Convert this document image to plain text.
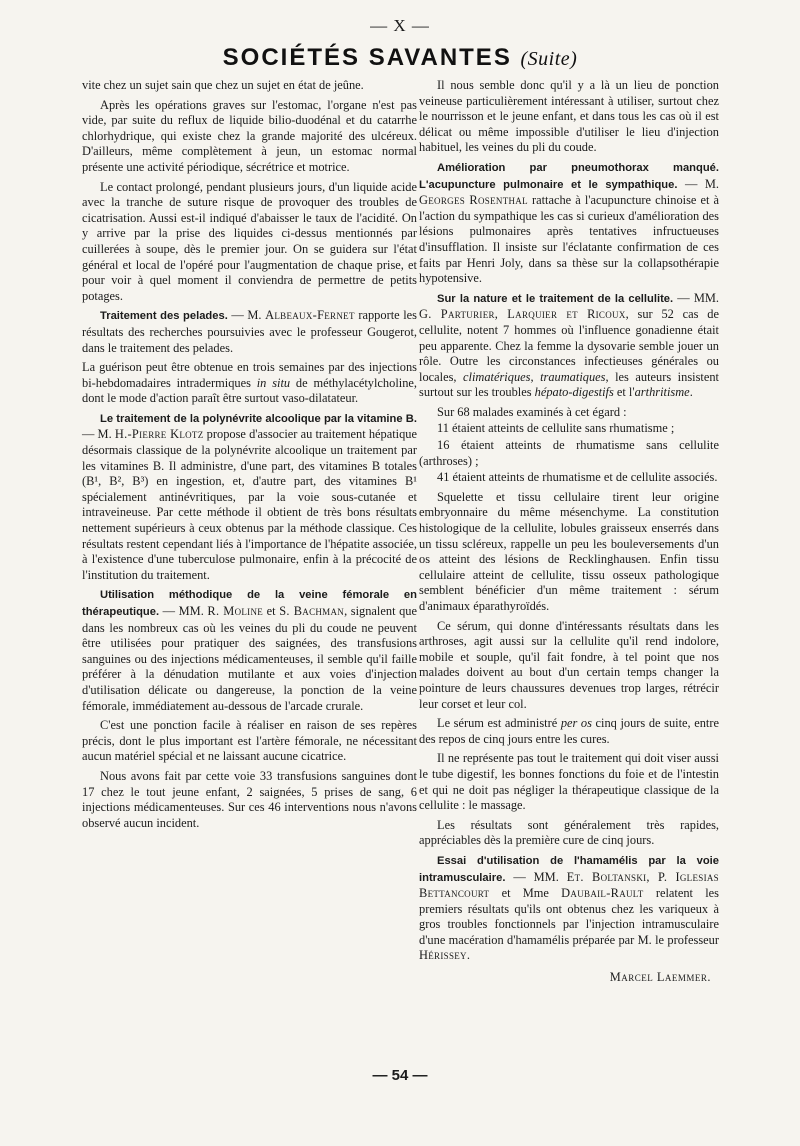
— X —
SOCIÉTÉS SAVANTES (Suite)

vite chez un sujet sain que chez un sujet en état de jeûne.

Après les opérations graves sur l'estomac, l'organe n'est pas vide, par suite du reflux de liquide bilio-duodénal et du catarrhe chlorhydrique, qui existe chez la grande majorité des ulcéreux. D'ailleurs, même complètement à jeun, un estomac normal présente une activité périodique, sécrétrice et motrice.

Le contact prolongé, pendant plusieurs jours, d'un liquide acide avec la tranche de suture risque de provoquer des troubles de cicatrisation. Aussi est-il indiqué d'abaisser le taux de l'acidité. On y arrive par la prise des liquides ci-dessus mentionnés par cuillerées à soupe, dès le premier jour. On se guidera sur l'état général et local de l'opéré pour l'augmentation de chaque prise, et pour voir à quel moment il conviendra de permettre de petits potages.

Traitement des pelades. — M. Albeaux-Fernet rapporte les résultats des recherches poursuivies avec le professeur Gougerot, dans le traitement des pelades.

La guérison peut être obtenue en trois semaines par des injections bi-hebdomadaires intradermiques in situ de méthylacétylcholine, dont le mode d'action paraît être surtout vaso-dilatateur.

Le traitement de la polynévrite alcoolique par la vitamine B. — M. H.-Pierre Klotz propose d'associer au traitement hépatique désormais classique de la polynévrite alcoolique un traitement par les vitamines B. Il administre, d'une part, des vitamines B totales (B¹, B², B³) en ingestion, et, d'autre part, des vitamines B¹ spécialement antinévritiques, par la voie sous-cutanée et intraveineuse. Par cette méthode il obtient de très bons résultats nettement supérieurs à ceux obtenus par la méthode classique. Ces résultats restent cependant liés à l'importance de l'hépatite associée, à l'existence d'une tuberculose pulmonaire, enfin à la précocité de l'institution du traitement.

Utilisation méthodique de la veine fémorale en thérapeutique. — MM. R. Moline et S. Bachman, signalent que dans les nombreux cas où les veines du pli du coude ne peuvent être utilisées pour pratiquer des saignées, des transfusions sanguines ou des injections médicamenteuses, il semble qu'il faille préférer à la dénudation mutilante et aux voies d'injection d'utilisation délicate ou dangereuse, la ponction de la veine fémorale, immédiatement au-dessous de l'arcade crurale.

C'est une ponction facile à réaliser en raison de ses repères précis, dont le plus important est l'artère fémorale, ne nécessitant aucun matériel spécial et ne laissant aucune cicatrice.

Nous avons fait par cette voie 33 transfusions sanguines dont 17 chez le tout jeune enfant, 2 saignées, 5 prises de sang, 6 injections médicamenteuses. Sur ces 46 interventions nous n'avons observé aucun incident.

Il nous semble donc qu'il y a là un lieu de ponction veineuse particulièrement intéressant à utiliser, surtout chez le nourrisson et le jeune enfant, et dans tous les cas où il est délicat ou même impossible d'utiliser le lieu d'injection habituel, les veines du pli du coude.

Amélioration par pneumothorax manqué. L'acupuncture pulmonaire et le sympathique. — M. Georges Rosenthal rattache à l'acupuncture chinoise et à l'action du sympathique les cas si curieux d'amélioration des lésions pulmonaires après tentatives infructueuses d'insufflation. Il insiste sur l'éclatante confirmation de ces faits par Henri Joly, dans sa thèse sur la collapsothérapie hypotensive.

Sur la nature et le traitement de la cellulite. — MM. G. Parturier, Larquier et Ricoux, sur 52 cas de cellulite, notent 7 hommes où l'influence gonadienne était peu apparente. Chez la femme la dysovarie semble jouer un rôle. Outre les circonstances infectieuses générales ou locales, climatériques, traumatiques, les auteurs insistent surtout sur les troubles hépato-digestifs et l'arthritisme.

Sur 68 malades examinés à cet égard :

11 étaient atteints de cellulite sans rhumatisme ;

16 étaient atteints de rhumatisme sans cellulite (arthroses) ;

41 étaient atteints de rhumatisme et de cellulite associés.

Squelette et tissu cellulaire tirent leur origine embryonnaire du même mésenchyme. La constitution histologique de la cellulite, lobules graisseux enserrés dans un tissu scléreux, rappelle un peu les bouleversements d'un os atteint des lésions de Recklinghausen. Enfin tissu cellulaire atteint de cellulite, tissu osseux pathologique semblent bénéficier d'un même traitement : sérum d'animaux éparathyroïdés.

Ce sérum, qui donne d'intéressants résultats dans les arthroses, agit aussi sur la cellulite qu'il rend indolore, mobile et souple, qu'il fait fondre, à tel point que nos malades doivent au bout d'un certain temps changer la pointure de leurs chaussures devenues trop larges, rétrécir leur corset et leur col.

Le sérum est administré per os cinq jours de suite, entre des repos de cinq jours entre les cures.

Il ne représente pas tout le traitement qui doit viser aussi le tube digestif, les bonnes fonctions du foie et de l'intestin et qui ne doit pas négliger la thérapeutique classique de la cellulite : le massage.

Les résultats sont généralement très rapides, appréciables dès la première cure de cinq jours.

Essai d'utilisation de l'hamamélis par la voie intramusculaire. — MM. Et. Boltanski, P. Iglesias Bettancourt et Mme Daubail-Rault relatent les premiers résultats qu'ils ont obtenus chez les variqueux à gros troubles fonctionnels par l'injection intramusculaire d'une macération d'hamamélis préparée par M. le professeur Hérissey.

Marcel Laemmer.
— 54 —
